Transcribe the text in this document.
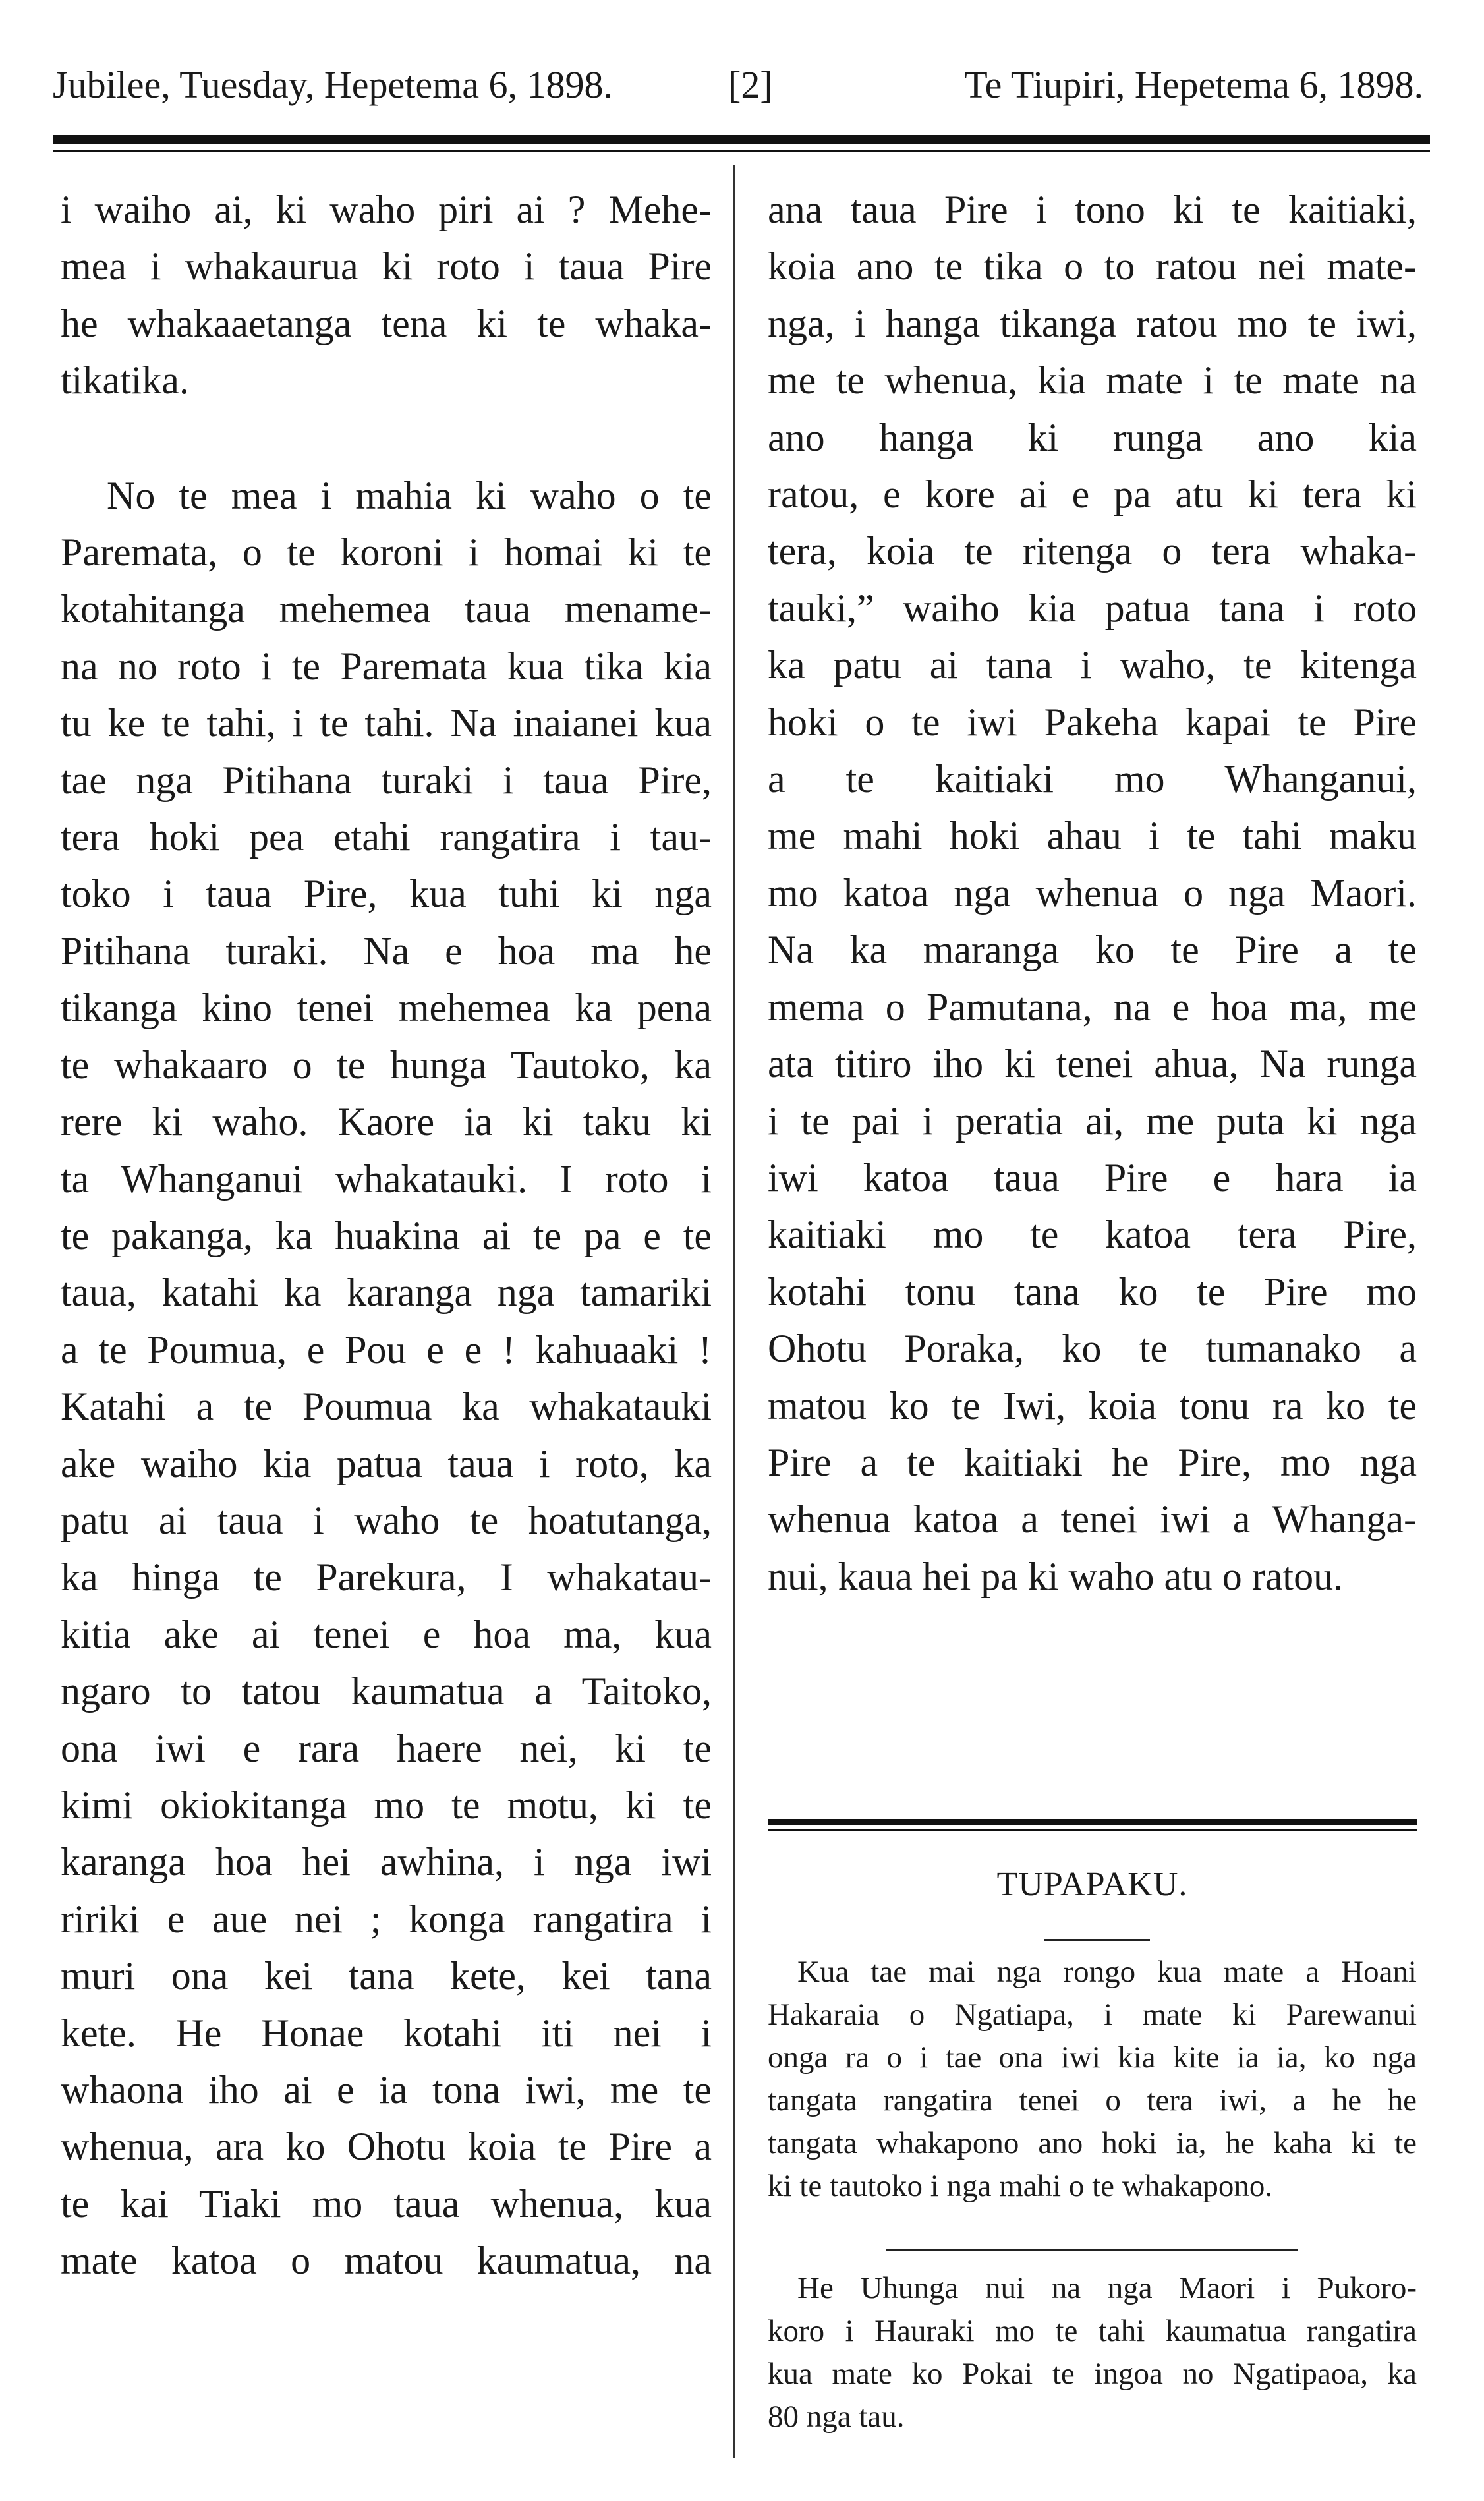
Jubilee, Tuesday, Hepetema 6, 1898.	[2]	Te Tiupiri, Hepetema 6, 1898.

i waiho ai, ki waho piri ai ? Mehe-

mea i whakaurua ki roto i taua Pire

he whakaaetanga tena ki te whaka-

tikatika.

No te mea i mahia ki waho o te

Paremata, o te koroni i homai ki te

kotahitanga mehemea taua menamе-

na no roto i te Paremata kua tika kia

tu ke te tahi, i te tahi. Na inaianei kua

tae nga Pitihana turaki i taua Pire,

tera hoki pea etahi rangatira i tau-

toko i taua Pire, kua tuhi ki nga

Pitihana turaki. Na e hoa ma he

tikanga kino tenei mehemea ka pena

te whakaaro o te hunga Tautoko, ka

rere ki waho. Kaore ia ki taku ki

ta Whanganui whakatauki. I roto i

te pakanga, ka huakina ai te pa e te

taua, katahi ka karanga nga tamariki

a te Poumua, e Pou e e ! kahuaaki !

Katahi a te Poumua ka whakatauki

ake waiho kia patua taua i roto, ka

patu ai taua i waho te hoatutanga,

ka hinga te Parekura, I whakatau-

kitia ake ai tenei e hoa ma, kua

ngaro to tatou kaumatua a Taitoko,

ona iwi e rara haere nei, ki te

kimi okiokitanga mo te motu, ki te

karanga hoa hei awhina, i nga iwi

ririki e aue nei ; konga rangatira i

muri ona kei tana kete, kei tana

kete. He Honae kotahi iti nei i

whaona iho ai e ia tona iwi, me te

whenua, ara ko Ohotu koia te Pire a

te kai Tiaki mo taua whenua, kua

mate katoa o matou kaumatua, na

ana taua Pire i tono ki te kaitiaki,

koia ano te tika o to ratou nei mate-

nga, i hanga tikanga ratou mo te iwi,

me te whenua, kia mate i te mate na

ano hanga ki runga ano kia

ratou, e kore ai e pa atu ki tera ki

tera, koia te ritenga o tera whaka-

tauki,” waiho kia patua tana i roto

ka patu ai tana i waho, te kitenga

hoki o te iwi Pakeha kapai te Pire

a te kaitiaki mo Whanganui,

me mahi hoki ahau i te tahi maku

mo katoa nga whenua o nga Maori.

Na ka maranga ko te Pire a te

mema o Pamutana, na e hoa ma, me

ata titiro iho ki tenei ahua, Na runga

i te pai i peratia ai, me puta ki nga

iwi katoa taua Pire e hara ia

kaitiaki mo te katoa tera Pire,

kotahi tonu tana ko te Pire mo

Ohotu Poraka, ko te tumanako a

matou ko te Iwi, koia tonu ra ko te

Pire a te kaitiaki he Pire, mo nga

whenua katoa a tenei iwi a Whanga-

nui, kaua hei pa ki waho atu o ratou.

TUPAPAKU.

Kua tae mai nga rongo kua mate a Hoani

Hakaraia o Ngatiapa, i mate ki Parewanui

onga ra o i tae ona iwi kia kite ia ia, ko nga

tangata rangatira tenei o tera iwi, a he he

tangata whakapono ano hoki ia, he kaha ki te

ki te tautoko i nga mahi o te whakapono.

He Uhunga nui na nga Maori i Pukoro-

koro i Hauraki mo te tahi kaumatua rangatira

kua mate ko Pokai te ingoa no Ngatipaoa, ka

80 nga tau.
